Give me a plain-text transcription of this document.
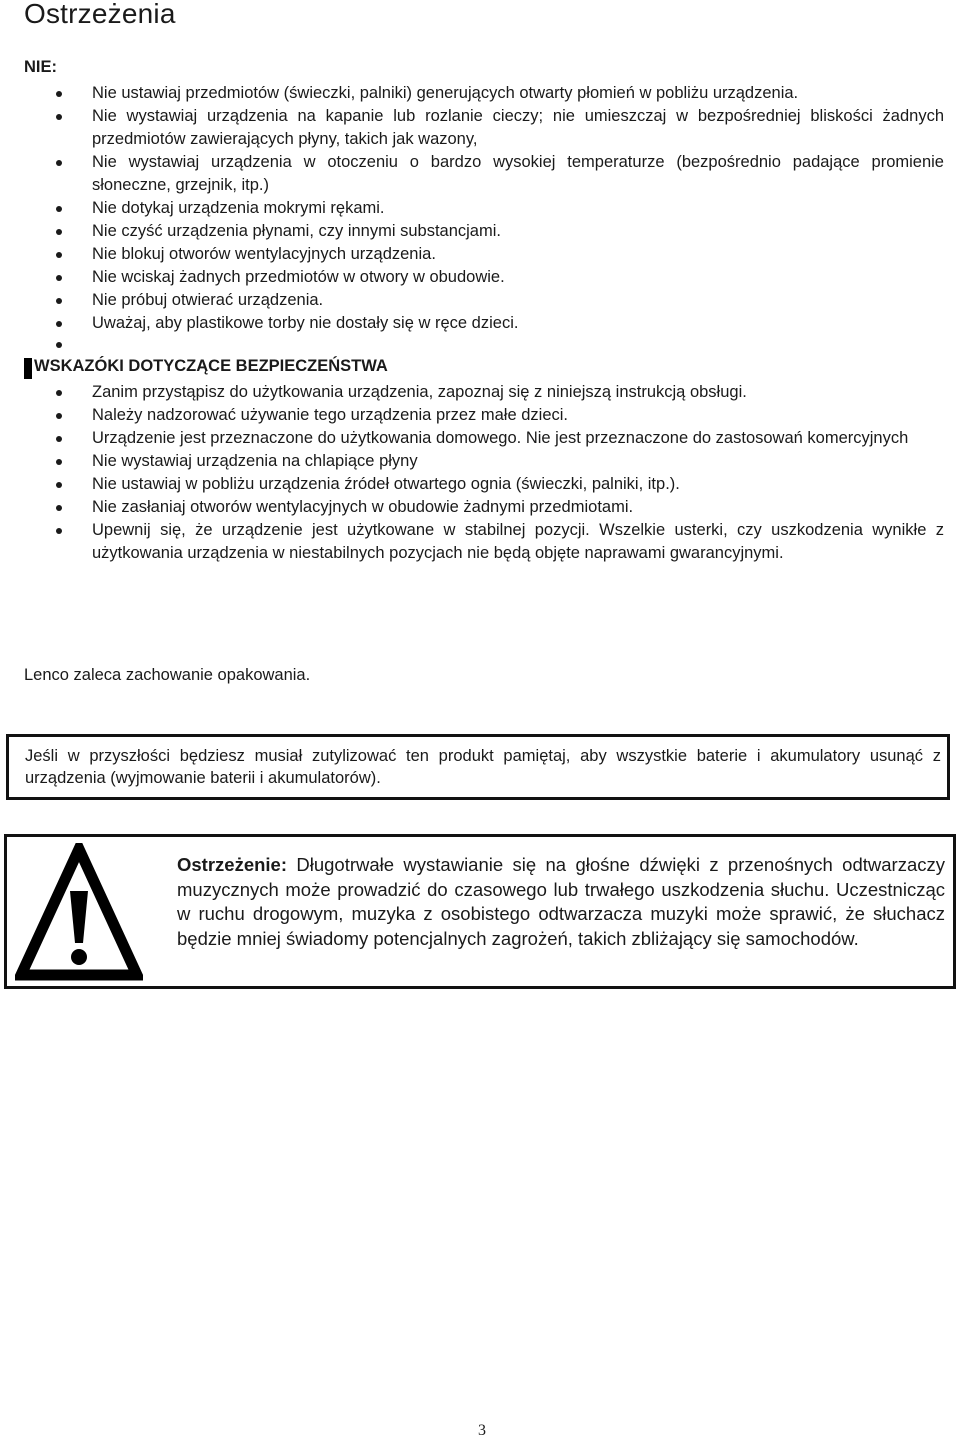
Ostrzeżenia
NIE:
Nie ustawiaj przedmiotów (świeczki, palniki) generujących otwarty płomień w pobliżu urządzenia.
Nie wystawiaj urządzenia na kapanie lub rozlanie cieczy; nie umieszczaj w bezpośredniej bliskości żadnych przedmiotów zawierających płyny, takich jak wazony,
Nie wystawiaj urządzenia w otoczeniu o bardzo wysokiej temperaturze (bezpośrednio padające promienie słoneczne, grzejnik, itp.)
Nie dotykaj urządzenia mokrymi rękami.
Nie czyść urządzenia płynami, czy innymi substancjami.
Nie blokuj otworów wentylacyjnych urządzenia.
Nie wciskaj żadnych przedmiotów w otwory w obudowie.
Nie próbuj otwierać urządzenia.
Uważaj, aby plastikowe torby nie dostały się w ręce dzieci.
WSKAZÓKI DOTYCZĄCE BEZPIECZEŃSTWA
Zanim przystąpisz do użytkowania urządzenia, zapoznaj się z niniejszą instrukcją obsługi.
Należy nadzorować używanie tego urządzenia przez małe dzieci.
Urządzenie jest przeznaczone do użytkowania domowego. Nie jest przeznaczone do zastosowań komercyjnych
Nie wystawiaj urządzenia na chlapiące płyny
Nie ustawiaj w pobliżu urządzenia źródeł otwartego ognia (świeczki, palniki, itp.).
Nie zasłaniaj otworów wentylacyjnych w obudowie żadnymi przedmiotami.
Upewnij się, że urządzenie jest użytkowane w stabilnej pozycji. Wszelkie usterki, czy uszkodzenia wynikłe z użytkowania urządzenia w niestabilnych pozycjach nie będą objęte naprawami gwarancyjnymi.

Lenco zaleca zachowanie opakowania.

Jeśli w przyszłości będziesz musiał zutylizować ten produkt pamiętaj, aby wszystkie baterie i akumulatory usunąć z urządzenia (wyjmowanie baterii i akumulatorów).
Ostrzeżenie: Długotrwałe wystawianie się na głośne dźwięki z przenośnych odtwarzaczy muzycznych może prowadzić do czasowego lub trwałego uszkodzenia słuchu. Uczestnicząc w ruchu drogowym, muzyka z osobistego odtwarzacza muzyki może sprawić, że słuchacz będzie mniej świadomy potencjalnych zagrożeń, takich zbliżający się samochodów.
3
